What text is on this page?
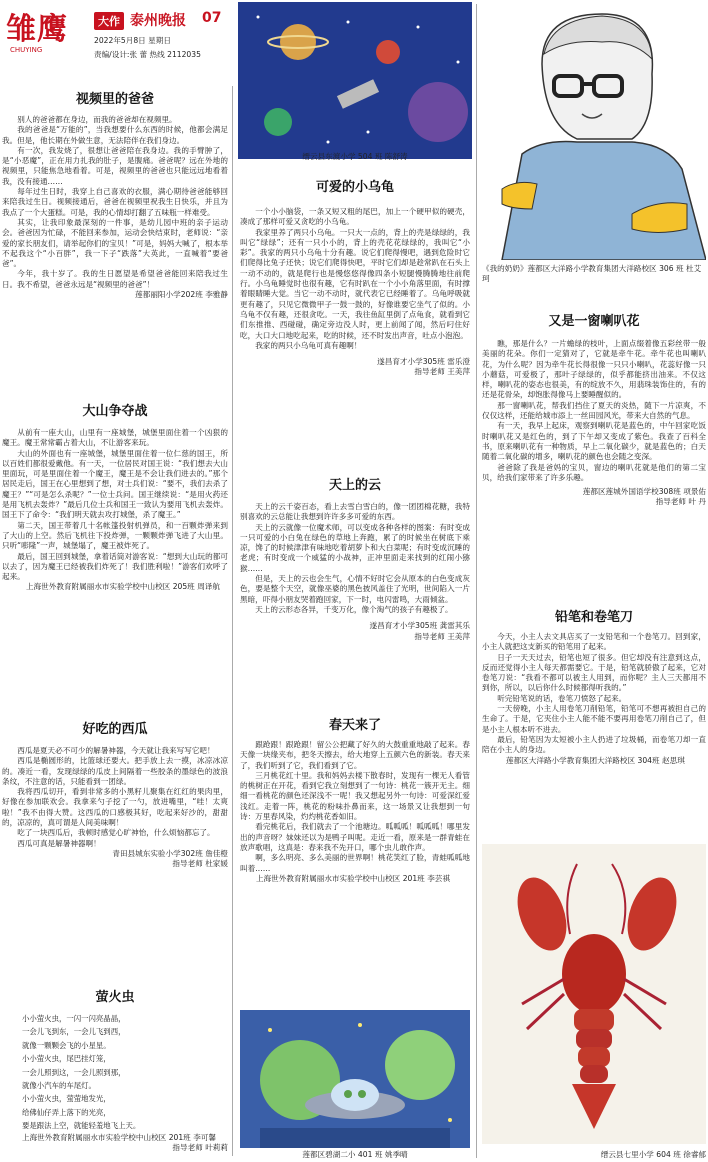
雏鹰
CHUYING
大作 泰州晚报 07
2022年5月8日 星期日
责编/设计:张 蕾 热线 2112035
视频里的爸爸

别人的爸爸都在身边，而我的爸爸却在视频里。

我的爸爸是“万能的”，当我想要什么东西的时候，他都会满足我。但是，他长期在外做生意，无法陪伴在我们身边。

有一次，我发烧了，很想让爸爸陪在我身边。我的手臂肿了，是“小恶魔”，正在用力扎我的肚子，是腹痛。爸爸呢？远在外地的视频里，只能焦急地看着。可是，视频里的爸爸也只能远远地看着我，没有接通……

每年过生日时，我穿上自己喜欢的衣服，满心期待爸爸能够回来陪我过生日。视频接通后，爸爸在视频里祝我生日快乐，并且为我点了一个大蛋糕。可是，我的心情却打翻了五味瓶一样难受。

其实，让我印象最深刻的一件事，是幼儿园中班的亲子运动会。爸爸因为忙碌，不能回来参加，运动会快结束时，老师说：“亲爱的家长朋友们，请举起你们的宝贝！”可是，妈妈大喊了，根本举不起我这个“小百胖”，我一下子“跌落”大英此，一直喊着“要爸爸”。

今年，我十岁了。我的生日愿望是希望爸爸能回来陪我过生日。我不希望，爸爸永远是“视频里的爸爸”！

莲都丽阳小学202班 李雅静

大山争夺战

从前有一座大山，山里有一座城堡，城堡里面住着一个凶狠的魔王。魔王常常霸占着大山，不让游客来玩。

大山的外面也有一座城堡，城堡里面住着一位仁慈的国王，所以百姓们都很爱戴他。有一天，一位居民对国王说：“我们想去大山里面玩，可是里面住着一个魔王，魔王是不会让我们进去的。”那个居民走后，国王在心里想到了想，对士兵们说：“要不，我们去杀了魔王？”“可是怎么杀呢？”一位士兵问。国王继续说：“是用火药还是用飞机去轰炸？”最后几位士兵和国王一致认为要用飞机去轰炸。国王下了命令：“我们明天就去攻打城堡，杀了魔王。”

第二天，国王带着几十名帐篷投射机弹员，和一百颗炸弹来到了大山的上空。然后飞机往下投炸弹，一颗颗炸弹飞进了大山里。只听“嘭隆”一声，城堡塌了，魔王被炸死了。

最后，国王回到城堡，拿着话筒对游客说：“想到大山玩的都可以去了，因为魔王已经被我们炸死了！我们胜利啦！”游客们欢呼了起来。

上海世外教育附属丽水市实验学校中山校区 205班 周译航

好吃的西瓜

西瓜是夏天必不可少的解暑神器，今天就让我来写写它吧！

西瓜是椭圆形的，比篮球还要大。把手放上去一摸，冰凉冰凉的。凑近一看，发现绿绿的瓜皮上间隔着一些胶条的墨绿色的波浪条纹，不注意的话，只能看到一团绿。

我将西瓜切开，看到非常多的小黑籽儿聚集在红红的果肉里，好像在参加联欢会。我拿来勺子挖了一勺，放进嘴里，“哇！太爽啦！”我不由得大赞。这西瓜的口感极其好，吃起来好沙的，甜甜的，凉凉的，真可谓是人间美味啊！

吃了一块西瓜后，我顿时感觉心旷神怡，什么烦恼都忘了。

西瓜可真是解暑神器啊！

青田县城东实验小学302班 詹佳橙

指导老师 杜家媛

萤火虫

小小萤火虫，一闪一闪亮晶晶，

一会儿飞到东，一会儿飞到西，

就像一颗颗会飞的小星星。

小小萤火虫，尾巴挂灯笼，

一会儿照到这，一会儿照到那，

就像小汽车的车尾灯。

小小萤火虫，萤萤地发光，

给佛仙仔弄上落下的光亮，

要是跟法上空，就能轻羞地飞上天。

上海世外教育附属丽水市实验学校中山校区 201班 李可馨

指导老师 叶莉莉

缙云县东渡小学 504 班 陈舒涛
可爱的小乌龟

一个小小脑袋，一条又短又粗的尾巴，加上一个硬甲似的硬壳，凑成了那样可爱又贪吃的小乌龟。

我家里养了两只小乌龟。一只大一点的，背上的壳是绿绿的，我叫它“绿绿”；还有一只小小的，背上的壳花花绿绿的，我叫它“小彩”。我家的两只小乌龟十分有趣。说它们爬得慢吧，遇到危险时它们爬得比兔子还快；说它们爬得快吧，平时它们却是趁常趴在石头上一动不动的，就是爬行也是慢悠悠得像四条小短腿慢腾腾地往前爬行。小乌龟睡觉时也很有趣，它有时趴在一个小小角落里面，有时撑着眼睛睡大觉。当它一动不动时，就代表它已经睡着了。乌龟呼吸就更有趣了，只见它微微甲子一鼓一鼓的，好像谁要它坐气了似的。小乌龟不仅有趣，还很贪吃。一天，我往鱼缸里倒了点龟食，就看到它们东推推、西碰碰，确定旁边没人时，更上前闻了闻，然后叼住好吃，大口大口地吃起来，吃的时候，还不时发出声音，吐点小泡泡。

我家的两只小乌龟可真有趣啊！

遂昌育才小学305班 雷乐澄

指导老师 王美萍

天上的云

天上的云千姿百态，看上去雪白雪白的，像一团团棉花糖，我特别喜欢的云总能让我想到许许多多可爱的东西。

天上的云就像一位魔术师，可以变成各种各样的图案：有时变成一只可爱的小白兔在绿色的草地上奔跑，累了的时候坐在树底下乘凉，馋了的时候津津有味地吃着胡萝卜和大白菜呢；有时变成沉睡的老虎；有时变成一个威猛的小战神，正冲里面走来找到的红闹小猕猴……

但是，天上的云也会生气，心情不好时它会从原本的白色变成灰色，要是整个天空，就像巫婆的黑色披风盖住了光明，世间陷入一片黑暗，吓得小朋友哭着跑回家，下一时，电闪雷鸣，大雨倾盆。

天上的云形态各异，千变万化，像个淘气的孩子有趣极了。

遂昌育才小学305班 龚雷其乐

指导老师 王美萍

春天来了

跟跄跟！跟跄跟！留公公把藏了好久的大鼓重重地敲了起来。春天像一块缘夹布，把冬天擦去，给大地穿上五颜六色的新装。春天来了，我们听到了它，我们看到了它。

三月桃花红十里。我和妈妈去楼下散春时，发现有一棵无人看管的桃树正在开花，看到它我立刻想到了一句诗：桃花一簇开无主。细细一看桃花的颜色还深浅不一呢！我又想起另外一句诗：可爱深红爱浅红。走着一阵，桃花的粉味扑鼻而来，这一场景又让我想到一句诗：万里春风染，灼灼桃花香如旧。

看完桃花后，我们就去了一个池塘边。呱呱呱！呱呱呱！哪里发出的声音呀？妹妹还以为是鸭子叫呢。走近一看，原来是一群青蛙在放声歌唱，这真是：春来我不先开口，哪个虫儿敢作声。

啊，多么明亮、多么美丽的世界啊！桃花笑红了脸，青蛙呱呱地叫着……

上海世外教育附属丽水市实验学校中山校区 201班 李芸祺

莲都区碧湖二小 401 班 姚季晴
《我的奶奶》莲都区大洋路小学教育集团大洋路校区 306 班 杜艾珂
又是一窗喇叭花

瞧，那是什么？一片蟾绿的枝叶，上面点缀着像五彩丝带一般美丽的花朵。你们一定猜对了，它就是牵牛花。牵牛花也叫喇叭花，为什么呢？因为牵牛花长得很像一只只小喇叭，花蕊好像一只小蘑菇，可爱极了，那叶子绿绿的，似乎都能挤出油来。不仅这样，喇叭花的姿态也很美，有的绽放不久，用翡珠装饰住的，有的还是花骨朵，却饱胀得像马上要睡醒似的。

那一窗喇叭花，帮我们挡住了夏天的炎热，随下一片凉爽，不仅仅这样，还能给城市添上一丝田园风光，带来大自然的气息。

有一天，我早上起床，观察到喇叭花是蓝色的，中午回家吃饭时喇叭花又是红色的，到了下午却又变成了紫色。我查了百科全书，原来喇叭花有一种物质，早上二氧化碳少，就是蓝色的；白天随着二氧化碳的增多，喇叭花的颜色也会随之变深。

爸爸除了我是爸妈的宝贝，窗边的喇叭花就是他们的第二宝贝，给我们家带来了许多乐趣。

莲都区莲城外国语学校308班 项景佑

指导老师 叶 丹

铅笔和卷笔刀

今天，小主人去文具店买了一支铅笔和一个卷笔刀。回到家，小主人就把这支新买的铅笔用了起来。

日子一天天过去，铅笔也短了很多。但它却没有注意到这点，反而还觉得小主人每天都需要它。于是，铅笔就骄傲了起来，它对卷笔刀说：“我看不都可以被主人用到，而你呢？主人三天都用不到你，所以，以后你什么时候都得听我的。”

听完铅笔说的话，卷笔刀愤怒了起来。

一天傍晚，小主人用卷笔刀削铅笔，铅笔可不想再被担自己的生命了。于是，它夹住小主人能不能不要再用卷笔刀削自己了，但是小主人根本听不进去。

最后，铅笔因为太短被小主人扔进了垃圾桶，而卷笔刀却一直陪在小主人的身边。

莲都区大洋路小学教育集团大洋路校区 304班 赵思琪

缙云县七里小学 604 班 徐睿郁
